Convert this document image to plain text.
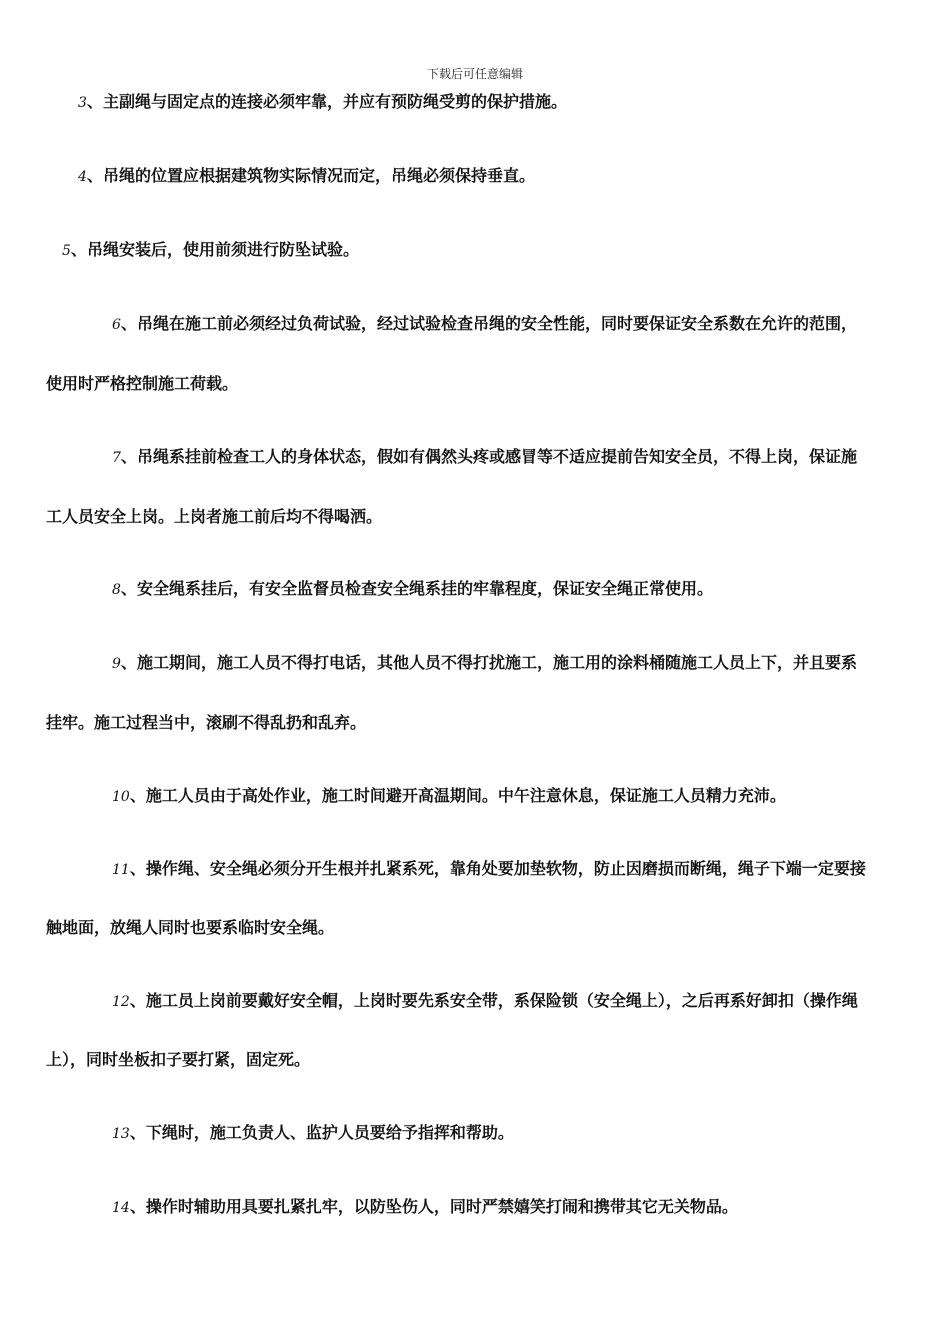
下载后可任意编辑
3、主副绳与固定点的连接必须牢靠，并应有预防绳受剪的保护措施。
4、吊绳的位置应根据建筑物实际情况而定，吊绳必须保持垂直。
5、吊绳安装后，使用前须进行防坠试验。
6、吊绳在施工前必须经过负荷试验，经过试验检查吊绳的安全性能，同时要保证安全系数在允许的范围，
使用时严格控制施工荷载。
7、吊绳系挂前检查工人的身体状态，假如有偶然头疼或感冒等不适应提前告知安全员，不得上岗，保证施
工人员安全上岗。上岗者施工前后均不得喝洒。
8、安全绳系挂后，有安全监督员检查安全绳系挂的牢靠程度，保证安全绳正常使用。
9、施工期间，施工人员不得打电话，其他人员不得打扰施工，施工用的涂料桶随施工人员上下，并且要系
挂牢。施工过程当中，滚刷不得乱扔和乱弃。
10、施工人员由于高处作业，施工时间避开高温期间。中午注意休息，保证施工人员精力充沛。
11、操作绳、安全绳必须分开生根并扎紧系死，靠角处要加垫软物，防止因磨损而断绳，绳子下端一定要接
触地面，放绳人同时也要系临时安全绳。
12、施工员上岗前要戴好安全帽，上岗时要先系安全带，系保险锁（安全绳上），之后再系好卸扣（操作绳
上），同时坐板扣子要打紧，固定死。
13、下绳时，施工负责人、监护人员要给予指挥和帮助。
14、操作时辅助用具要扎紧扎牢，以防坠伤人，同时严禁嬉笑打闹和携带其它无关物品。
